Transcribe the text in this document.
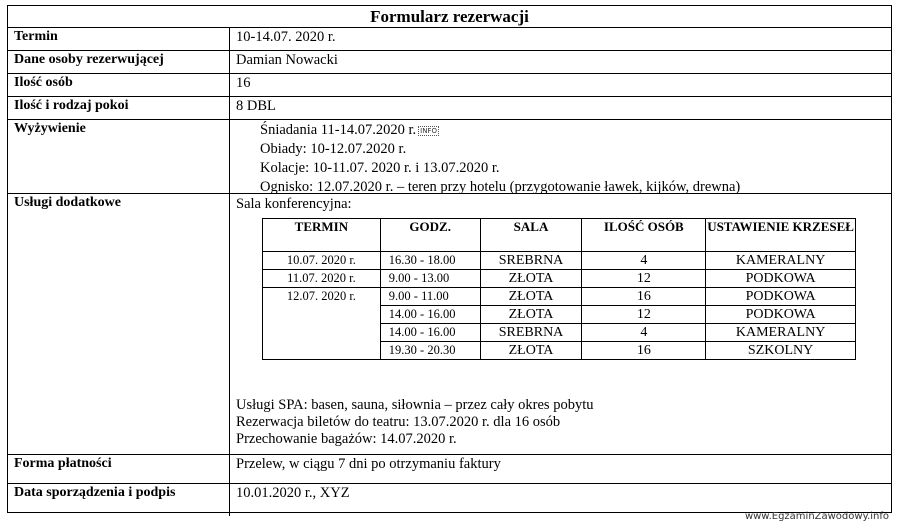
Formularz rezerwacji
Termin	10-14.07. 2020 r.
Dane osoby rezerwującej	Damian Nowacki
Ilość osób	16
Ilość i rodzaj pokoi	8 DBL
Wyżywienie	Śniadania 11-14.07.2020 r. INFO
Obiady: 10-12.07.2020 r.
Kolacje: 10-11.07. 2020 r. i 13.07.2020 r.
Ognisko: 12.07.2020 r. – teren przy hotelu (przygotowanie ławek, kijków, drewna)
Usługi dodatkowe	Sala konferencyjna:
TERMIN	GODZ.	SALA	ILOŚĆ OSÓB	USTAWIENIE KRZESEŁ
10.07. 2020 r.	16.30 - 18.00	SREBRNA	4	KAMERALNY
11.07. 2020 r.	9.00 - 13.00	ZŁOTA	12	PODKOWA
12.07. 2020 r.	9.00 - 11.00	ZŁOTA	16	PODKOWA
	14.00 - 16.00	ZŁOTA	12	PODKOWA
	14.00 - 16.00	SREBRNA	4	KAMERALNY
	19.30 - 20.30	ZŁOTA	16	SZKOLNY
Usługi SPA: basen, sauna, siłownia – przez cały okres pobytu
Rezerwacja biletów do teatru: 13.07.2020 r. dla 16 osób
Przechowanie bagażów: 14.07.2020 r.
Forma płatności	Przelew, w ciągu 7 dni po otrzymaniu faktury
Data sporządzenia i podpis	10.01.2020 r., XYZ
www.EgzaminZawodowy.info
